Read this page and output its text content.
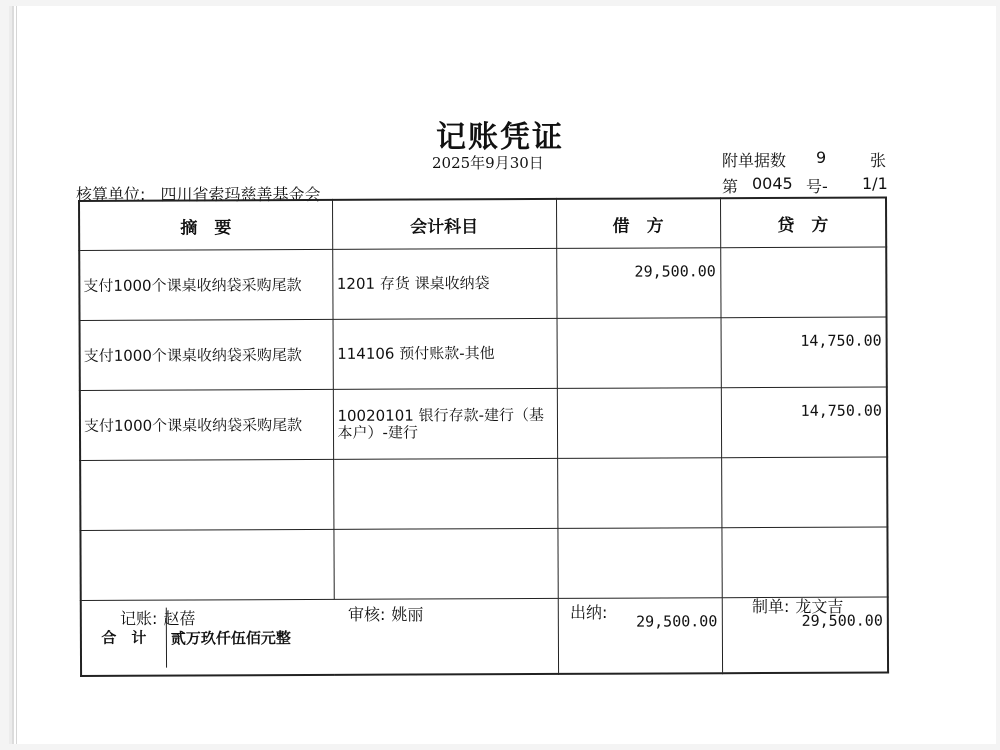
记账凭证
2025年9月30日
核算单位: 四川省索玛慈善基金会
附单据数 9	张
第 0045 号- 1/1
摘　要	会计科目	借　方	贷　方
支付1000个课桌收纳袋采购尾款	1201 存货 课桌收纳袋	29,500.00	
支付1000个课桌收纳袋采购尾款	114106 预付账款-其他		14,750.00
支付1000个课桌收纳袋采购尾款	10020101 银行存款-建行（基本户）-建行		14,750.00

合　计 贰万玖仟伍佰元整		29,500.00	29,500.00
记账: 赵蓓	审核: 姚丽	出纳:	制单: 龙文吉
